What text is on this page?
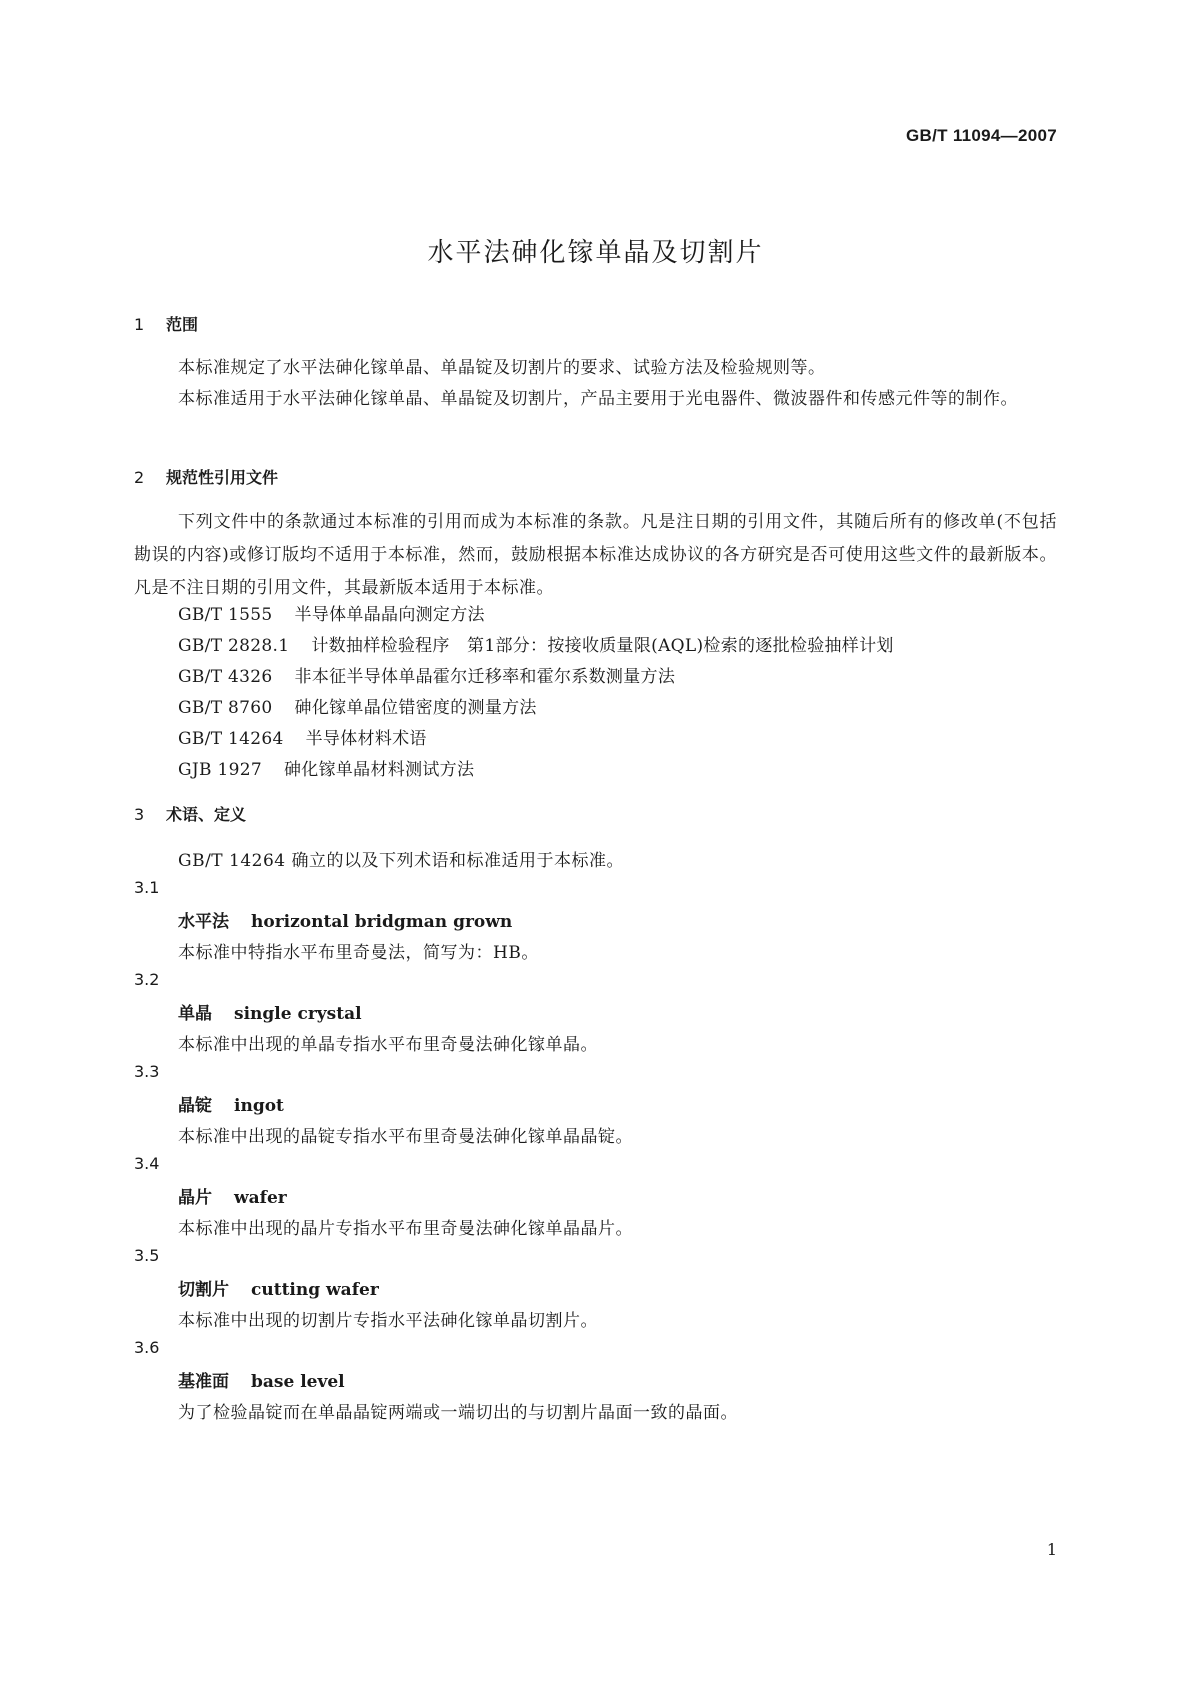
GB/T 11094—2007
水平法砷化镓单晶及切割片
1 范围
本标准规定了水平法砷化镓单晶、单晶锭及切割片的要求、试验方法及检验规则等。
本标准适用于水平法砷化镓单晶、单晶锭及切割片，产品主要用于光电器件、微波器件和传感元件等的制作。
2 规范性引用文件
下列文件中的条款通过本标准的引用而成为本标准的条款。凡是注日期的引用文件，其随后所有的修改单(不包括勘误的内容)或修订版均不适用于本标准，然而，鼓励根据本标准达成协议的各方研究是否可使用这些文件的最新版本。凡是不注日期的引用文件，其最新版本适用于本标准。
GB/T 1555 半导体单晶晶向测定方法
GB/T 2828.1 计数抽样检验程序　第1部分：按接收质量限(AQL)检索的逐批检验抽样计划
GB/T 4326 非本征半导体单晶霍尔迁移率和霍尔系数测量方法
GB/T 8760 砷化镓单晶位错密度的测量方法
GB/T 14264 半导体材料术语
GJB 1927 砷化镓单晶材料测试方法
3 术语、定义
GB/T 14264 确立的以及下列术语和标准适用于本标准。
3.1
水平法 horizontal bridgman grown
本标准中特指水平布里奇曼法，简写为：HB。
3.2
单晶 single crystal
本标准中出现的单晶专指水平布里奇曼法砷化镓单晶。
3.3
晶锭 ingot
本标准中出现的晶锭专指水平布里奇曼法砷化镓单晶晶锭。
3.4
晶片 wafer
本标准中出现的晶片专指水平布里奇曼法砷化镓单晶晶片。
3.5
切割片 cutting wafer
本标准中出现的切割片专指水平法砷化镓单晶切割片。
3.6
基准面 base level
为了检验晶锭而在单晶晶锭两端或一端切出的与切割片晶面一致的晶面。
1
